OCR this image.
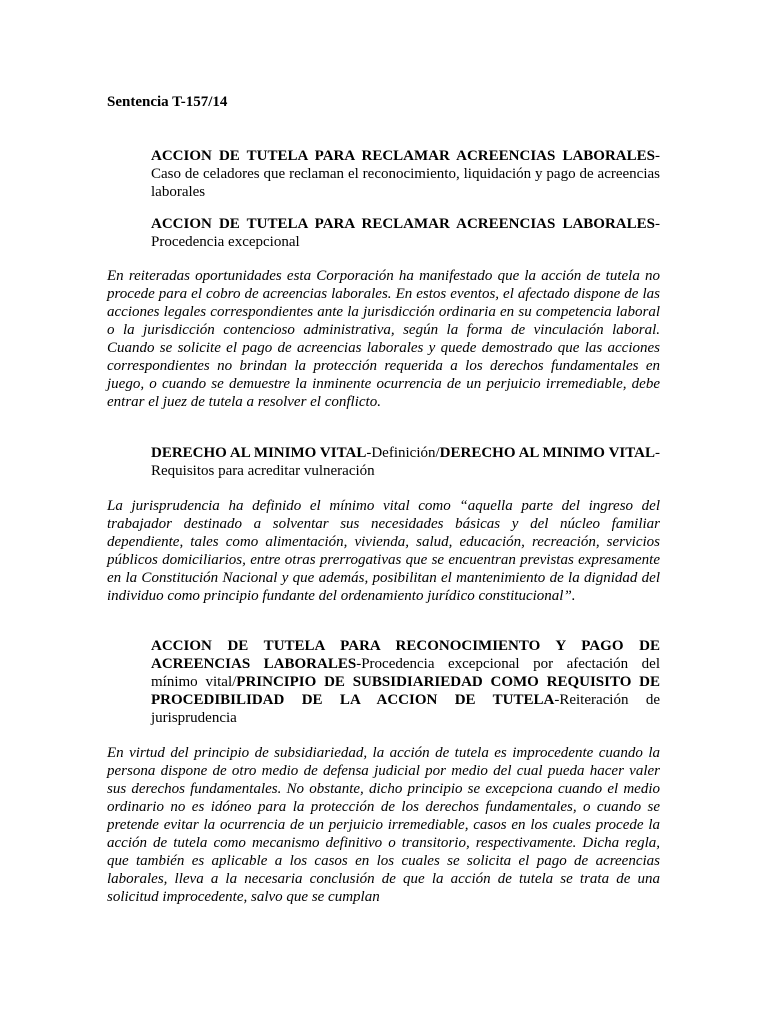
Sentencia T-157/14
ACCION DE TUTELA PARA RECLAMAR ACREENCIAS LABORALES-Caso de celadores que reclaman el reconocimiento, liquidación y pago de acreencias laborales
ACCION DE TUTELA PARA RECLAMAR ACREENCIAS LABORALES-Procedencia excepcional
En reiteradas oportunidades esta Corporación ha manifestado que la acción de tutela no procede para el cobro de acreencias laborales. En estos eventos, el afectado dispone de las acciones legales correspondientes ante la jurisdicción ordinaria en su competencia laboral o la jurisdicción contencioso administrativa, según la forma de vinculación laboral. Cuando se solicite el pago de acreencias laborales y quede demostrado que las acciones correspondientes no brindan la protección requerida a los derechos fundamentales en juego, o cuando se demuestre la inminente ocurrencia de un perjuicio irremediable, debe entrar el juez de tutela a resolver el conflicto.
DERECHO AL MINIMO VITAL-Definición/DERECHO AL MINIMO VITAL-Requisitos para acreditar vulneración
La jurisprudencia ha definido el mínimo vital como “aquella parte del ingreso del trabajador destinado a solventar sus necesidades básicas y del núcleo familiar dependiente, tales como alimentación, vivienda, salud, educación, recreación, servicios públicos domiciliarios, entre otras prerrogativas que se encuentran previstas expresamente en la Constitución Nacional y que además, posibilitan el mantenimiento de la dignidad del individuo como principio fundante del ordenamiento jurídico constitucional”.
ACCION DE TUTELA PARA RECONOCIMIENTO Y PAGO DE ACREENCIAS LABORALES-Procedencia excepcional por afectación del mínimo vital/PRINCIPIO DE SUBSIDIARIEDAD COMO REQUISITO DE PROCEDIBILIDAD DE LA ACCION DE TUTELA-Reiteración de jurisprudencia
En virtud del principio de subsidiariedad, la acción de tutela es improcedente cuando la persona dispone de otro medio de defensa judicial por medio del cual pueda hacer valer sus derechos fundamentales. No obstante, dicho principio se excepciona cuando el medio ordinario no es idóneo para la protección de los derechos fundamentales, o cuando se pretende evitar la ocurrencia de un perjuicio irremediable, casos en los cuales procede la acción de tutela como mecanismo definitivo o transitorio, respectivamente. Dicha regla, que también es aplicable a los casos en los cuales se solicita el pago de acreencias laborales, lleva a la necesaria conclusión de que la acción de tutela se trata de una solicitud improcedente, salvo que se cumplan
